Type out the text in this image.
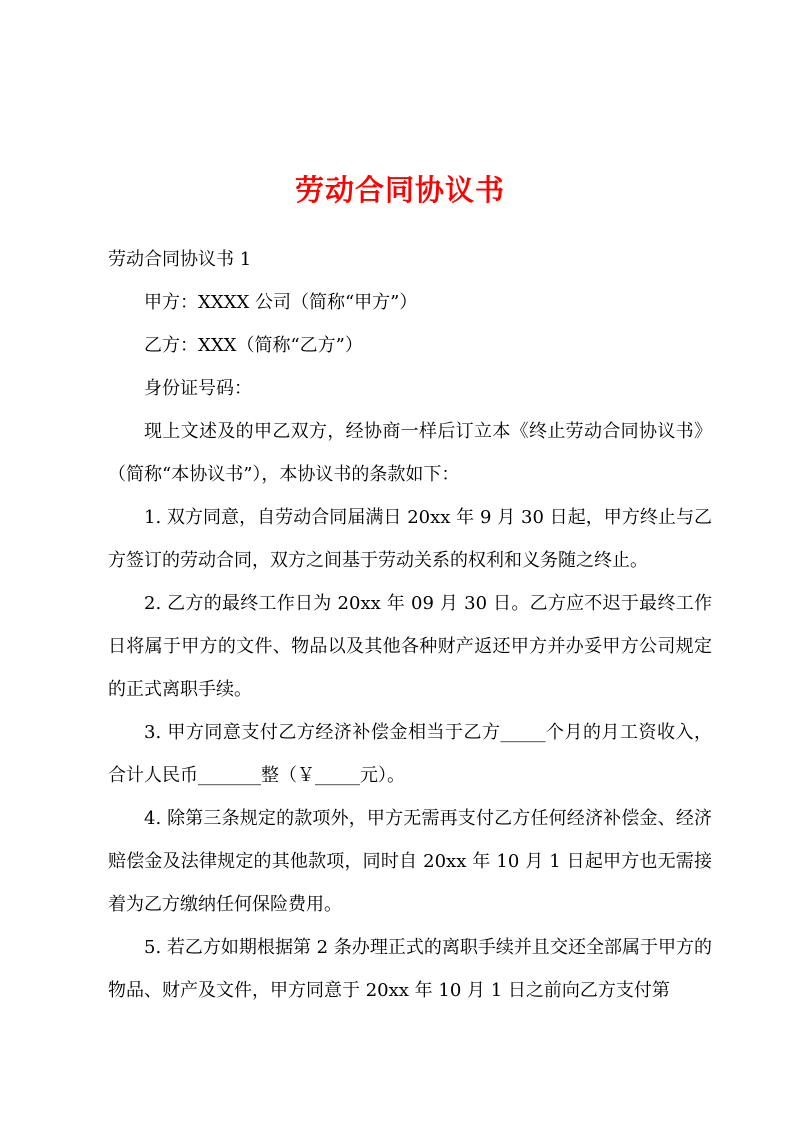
劳动合同协议书

劳动合同协议书 1

甲方：XXXX 公司（简称“甲方”）

乙方：XXX（简称“乙方”）

身份证号码：

现上文述及的甲乙双方，经协商一样后订立本《终止劳动合同协议书》（简称“本协议书”），本协议书的条款如下：

1. 双方同意，自劳动合同届满日 20xx 年 9 月 30 日起，甲方终止与乙方签订的劳动合同，双方之间基于劳动关系的权利和义务随之终止。

2. 乙方的最终工作日为 20xx 年 09 月 30 日。乙方应不迟于最终工作日将属于甲方的文件、物品以及其他各种财产返还甲方并办妥甲方公司规定的正式离职手续。

3. 甲方同意支付乙方经济补偿金相当于乙方_____个月的月工资收入，合计人民币_______整（￥_____元）。

4. 除第三条规定的款项外，甲方无需再支付乙方任何经济补偿金、经济赔偿金及法律规定的其他款项，同时自 20xx 年 10 月 1 日起甲方也无需接着为乙方缴纳任何保险费用。

5. 若乙方如期根据第 2 条办理正式的离职手续并且交还全部属于甲方的物品、财产及文件，甲方同意于 20xx 年 10 月 1 日之前向乙方支付第
